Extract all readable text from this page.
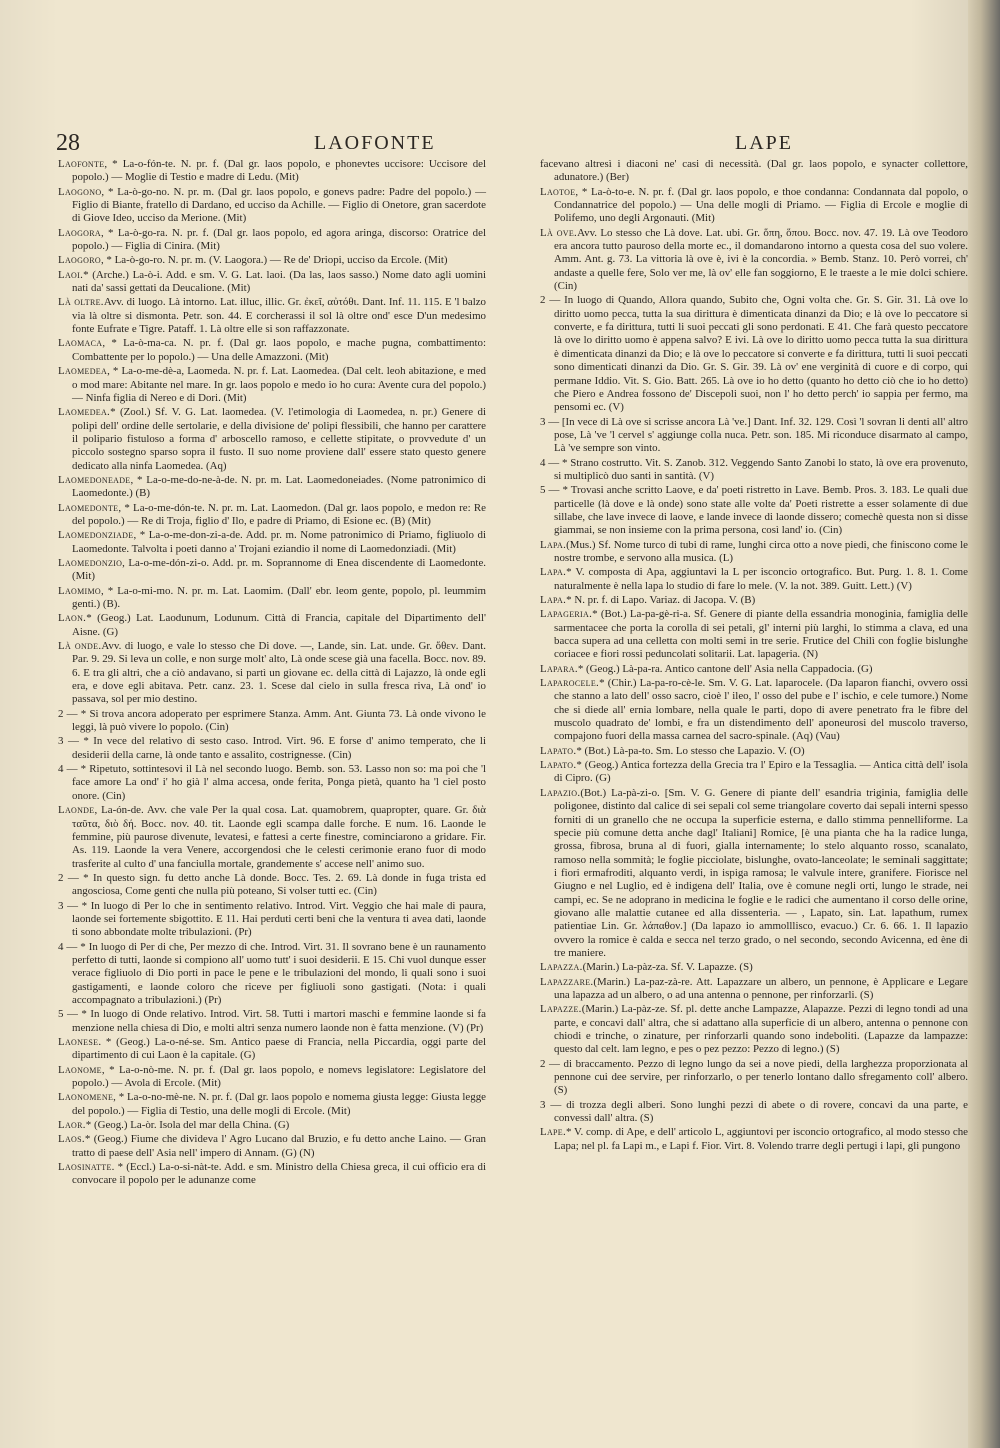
28	LAOFONTE	LAPE

Laofonte, * La-o-fón-te. N. pr. f. (Dal gr. laos popolo, e phonevtes uccisore: Uccisore del popolo.) — Moglie di Testio e madre di Ledu. (Mit)

Laogono, * La-ò-go-no. N. pr. m. (Dal gr. laos popolo, e gonevs padre: Padre del popolo.) — Figlio di Biante, fratello di Dardano, ed ucciso da Achille. — Figlio di Onetore, gran sacerdote di Giove Ideo, ucciso da Merione. (Mit)

Laogora, * La-ò-go-ra. N. pr. f. (Dal gr. laos popolo, ed agora aringa, discorso: Oratrice del popolo.) — Figlia di Cinira. (Mit)

Laogoro, * La-ò-go-ro. N. pr. m. (V. Laogora.) — Re de' Driopi, ucciso da Ercole. (Mit)

Laoi.* (Arche.) La-ò-i. Add. e sm. V. G. Lat. laoi. (Da las, laos sasso.) Nome dato agli uomini nati da' sassi gettati da Deucalione. (Mit)

Là oltre.Avv. di luogo. Là intorno. Lat. illuc, illic. Gr. ἐκεῖ, αὐτόθι. Dant. Inf. 11. 115. E 'l balzo via là oltre si dismonta. Petr. son. 44. E corcherassi il sol là oltre ond' esce D'un medesimo fonte Eufrate e Tigre. Pataff. 1. Là oltre elle si son raffazzonate.

Laomaca, * La-ò-ma-ca. N. pr. f. (Dal gr. laos popolo, e mache pugna, combattimento: Combattente per lo popolo.) — Una delle Amazzoni. (Mit)

Laomedea, * La-o-me-dè-a, Laomeda. N. pr. f. Lat. Laomedea. (Dal celt. leoh abitazione, e med o mod mare: Abitante nel mare. In gr. laos popolo e medo io ho cura: Avente cura del popolo.) — Ninfa figlia di Nereo e di Dori. (Mit)

Laomedea.* (Zool.) Sf. V. G. Lat. laomedea. (V. l'etimologia di Laomedea, n. pr.) Genere di polipi dell' ordine delle sertolarie, e della divisione de' polipi flessibili, che hanno per carattere il polipario fistuloso a forma d' arboscello ramoso, e cellette stipitate, o provvedute d' un piccolo sostegno sparso sopra il fusto. Il suo nome proviene dall' essere stato questo genere dedicato alla ninfa Laomedea. (Aq)

Laomedoneade, * La-o-me-do-ne-à-de. N. pr. m. Lat. Laomedoneiades. (Nome patronimico di Laomedonte.) (B)

Laomedonte, * La-o-me-dón-te. N. pr. m. Lat. Laomedon. (Dal gr. laos popolo, e medon re: Re del popolo.) — Re di Troja, figlio d' Ilo, e padre di Priamo, di Esione ec. (B) (Mit)

Laomedonziade, * La-o-me-don-zi-a-de. Add. pr. m. Nome patronimico di Priamo, figliuolo di Laomedonte. Talvolta i poeti danno a' Trojani eziandio il nome di Laomedonziadi. (Mit)

Laomedonzio, La-o-me-dón-zi-o. Add. pr. m. Soprannome di Enea discendente di Laomedonte. (Mit)

Laomimo, * La-o-mi-mo. N. pr. m. Lat. Laomim. (Dall' ebr. leom gente, popolo, pl. leummim genti.) (B).

Laon.* (Geog.) Lat. Laodunum, Lodunum. Città di Francia, capitale del Dipartimento dell' Aisne. (G)

Là onde.Avv. di luogo, e vale lo stesso che Di dove. —, Lande, sin. Lat. unde. Gr. ὅθεν. Dant. Par. 9. 29. Si leva un colle, e non surge molt' alto, Là onde scese già una facella. Bocc. nov. 89. 6. E tra gli altri, che a ciò andavano, si partì un giovane ec. della città di Lajazzo, là onde egli era, e dove egli abitava. Petr. canz. 23. 1. Scese dal cielo in sulla fresca riva, Là ond' io passava, sol per mio destino.

2 — * Si trova ancora adoperato per esprimere Stanza. Amm. Ant. Giunta 73. Là onde vivono le leggi, là può vivere lo popolo. (Cin)

3 — * In vece del relativo di sesto caso. Introd. Virt. 96. E forse d' animo temperato, che li desiderii della carne, là onde tanto e assalito, costrignesse. (Cin)

4 — * Ripetuto, sottintesovi il Là nel secondo luogo. Bemb. son. 53. Lasso non so: ma poi che 'l face amore La ond' i' ho già l' alma accesa, onde ferita, Ponga pietà, quanto ha 'l ciel posto onore. (Cin)

Laonde, La-ón-de. Avv. che vale Per la qual cosa. Lat. quamobrem, quapropter, quare. Gr. διὰ ταῦτα, διὸ δή. Bocc. nov. 40. tit. Laonde egli scampa dalle forche. E num. 16. Laonde le femmine, più paurose divenute, levatesi, e fattesi a certe finestre, cominciarono a gridare. Fir. As. 119. Laonde la vera Venere, accorgendosi che le celesti cerimonie erano fuor di modo trasferite al culto d' una fanciulla mortale, grandemente s' accese nell' animo suo.

2 — * In questo sign. fu detto anche Là donde. Bocc. Tes. 2. 69. Là donde in fuga trista ed angosciosa, Come genti che nulla più poteano, Si volser tutti ec. (Cin)

3 — * In luogo di Per lo che in sentimento relativo. Introd. Virt. Veggio che hai male di paura, laonde sei fortemente sbigottito. E 11. Hai perduti certi beni che la ventura ti avea dati, laonde ti sono abbondate molte tribulazioni. (Pr)

4 — * In luogo di Per di che, Per mezzo di che. Introd. Virt. 31. Il sovrano bene è un raunamento perfetto di tutti, laonde si compiono all' uomo tutt' i suoi desiderii. E 15. Chi vuol dunque esser verace figliuolo di Dio porti in pace le pene e le tribulazioni del mondo, li quali sono i suoi gastigamenti, e laonde coloro che riceve per figliuoli sono gastigati. (Nota: i quali accompagnato a tribulazioni.) (Pr)

5 — * In luogo di Onde relativo. Introd. Virt. 58. Tutti i martori maschi e femmine laonde si fa menzione nella chiesa di Dio, e molti altri senza numero laonde non è fatta menzione. (V) (Pr)

Laonese. * (Geog.) La-o-né-se. Sm. Antico paese di Francia, nella Piccardia, oggi parte del dipartimento di cui Laon è la capitale. (G)

Laonome, * La-o-nò-me. N. pr. f. (Dal gr. laos popolo, e nomevs legislatore: Legislatore del popolo.) — Avola di Ercole. (Mit)

Laonomene, * La-o-no-mè-ne. N. pr. f. (Dal gr. laos popolo e nomema giusta legge: Giusta legge del popolo.) — Figlia di Testio, una delle mogli di Ercole. (Mit)

Laor.* (Geog.) La-òr. Isola del mar della China. (G)

Laos.* (Geog.) Fiume che divideva l' Agro Lucano dal Bruzio, e fu detto anche Laino. — Gran tratto di paese dell' Asia nell' impero di Annam. (G) (N)

Laosinatte. * (Eccl.) La-o-si-nàt-te. Add. e sm. Ministro della Chiesa greca, il cui officio era di convocare il popolo per le adunanze come

facevano altresì i diaconi ne' casi di necessità. (Dal gr. laos popolo, e synacter collettore, adunatore.) (Ber)

Laotoe, * La-ò-to-e. N. pr. f. (Dal gr. laos popolo, e thoe condanna: Condannata dal popolo, o Condannatrice del popolo.) — Una delle mogli di Priamo. — Figlia di Ercole e moglie di Polifemo, uno degli Argonauti. (Mit)

Là ove.Avv. Lo stesso che Là dove. Lat. ubi. Gr. ὅπη, ὅπου. Bocc. nov. 47. 19. Là ove Teodoro era ancora tutto pauroso della morte ec., il domandarono intorno a questa cosa del suo volere. Amm. Ant. g. 73. La vittoria là ove è, ivi è la concordia. » Bemb. Stanz. 10. Però vorrei, ch' andaste a quelle fere, Solo ver me, là ov' elle fan soggiorno, E le traeste a le mie dolci schiere. (Cin)

2 — In luogo di Quando, Allora quando, Subito che, Ogni volta che. Gr. S. Gir. 31. Là ove lo diritto uomo pecca, tutta la sua dirittura è dimenticata dinanzi da Dio; e là ove lo peccatore si converte, e fa dirittura, tutti li suoi peccati gli sono perdonati. E 41. Che farà questo peccatore là ove lo diritto uomo è appena salvo? E ivi. Là ove lo diritto uomo pecca tutta la sua dirittura è dimenticata dinanzi da Dio; e là ove lo peccatore si converte e fa dirittura, tutti li suoi peccati sono dimenticati dinanzi da Dio. Gr. S. Gir. 39. Là ov' ene verginità di cuore e di corpo, qui permane Iddio. Vit. S. Gio. Batt. 265. Là ove io ho detto (quanto ho detto ciò che io ho detto) che Piero e Andrea fossono de' Discepoli suoi, non l' ho detto perch' io sappia per fermo, ma pensomi ec. (V)

3 — [In vece di Là ove si scrisse ancora Là 've.] Dant. Inf. 32. 129. Così 'l sovran li denti all' altro pose, Là 've 'l cervel s' aggiunge colla nuca. Petr. son. 185. Mi riconduce disarmato al campo, Là 've sempre son vinto.

4 — * Strano costrutto. Vit. S. Zanob. 312. Veggendo Santo Zanobi lo stato, là ove era provenuto, si multiplicò duo santi in santità. (V)

5 — * Trovasi anche scritto Laove, e da' poeti ristretto in Lave. Bemb. Pros. 3. 183. Le quali due particelle (là dove e là onde) sono state alle volte da' Poeti ristrette a esser solamente di due sillabe, che lave invece di laove, e lande invece di laonde dissero; comechè questa non si disse giammai, se non insieme con la prima persona, così land' io. (Cin)

Lapa.(Mus.) Sf. Nome turco di tubi di rame, lunghi circa otto a nove piedi, che finiscono come le nostre trombe, e servono alla musica. (L)

Lapa.* V. composta di Apa, aggiuntavi la L per isconcio ortografico. But. Purg. 1. 8. 1. Come naturalmente è nella lapa lo studio di fare lo mele. (V. la not. 389. Guitt. Lett.) (V)

Lapa.* N. pr. f. di Lapo. Variaz. di Jacopa. V. (B)

Lapageria.* (Bot.) La-pa-gè-ri-a. Sf. Genere di piante della essandria monoginia, famiglia delle sarmentacee che porta la corolla di sei petali, gl' interni più larghi, lo stimma a clava, ed una bacca supera ad una celletta con molti semi in tre serie. Frutice del Chilì con foglie bislunghe coriacee e fiori rossi peduncolati solitarii. Lat. lapageria. (N)

Lapara.* (Geog.) Là-pa-ra. Antico cantone dell' Asia nella Cappadocia. (G)

Laparocele.* (Chir.) La-pa-ro-cè-le. Sm. V. G. Lat. laparocele. (Da laparon fianchi, ovvero ossi che stanno a lato dell' osso sacro, cioè l' ileo, l' osso del pube e l' ischio, e cele tumore.) Nome che si diede all' ernia lombare, nella quale le parti, dopo di avere penetrato fra le fibre del muscolo quadrato de' lombi, e fra un distendimento dell' aponeurosi del muscolo traverso, compajono fuori della massa carnea del sacro-spinale. (Aq) (Vau)

Lapato.* (Bot.) Là-pa-to. Sm. Lo stesso che Lapazio. V. (O)

Lapato.* (Geog.) Antica fortezza della Grecia tra l' Epiro e la Tessaglia. — Antica città dell' isola di Cipro. (G)

Lapazio.(Bot.) La-pà-zi-o. [Sm. V. G. Genere di piante dell' esandria triginia, famiglia delle poligonee, distinto dal calice di sei sepali col seme triangolare coverto dai sepali interni spesso forniti di un granello che ne occupa la superficie esterna, e dallo stimma pennelliforme. La specie più comune detta anche dagl' Italiani] Romice, [è una pianta che ha la radice lunga, grossa, fibrosa, bruna al di fuori, gialla internamente; lo stelo alquanto rosso, scanalato, ramoso nella sommità; le foglie picciolate, bislunghe, ovato-lanceolate; le seminali saggittate; i fiori ermafroditi, alquanto verdi, in ispiga ramosa; le valvule intere, granifere. Fiorisce nel Giugno e nel Luglio, ed è indigena dell' Italia, ove è comune negli orti, lungo le strade, nei campi, ec. Se ne adoprano in medicina le foglie e le radici che aumentano il corso delle orine, giovano alle malattie cutanee ed alla dissenteria. — , Lapato, sin. Lat. lapathum, rumex patientiae Lin. Gr. λάπαθον.] (Da lapazo io ammolllisco, evacuo.) Cr. 6. 66. 1. Il lapazio ovvero la romice è calda e secca nel terzo grado, o nel secondo, secondo Avicenna, ed ène di tre maniere.

Lapazza.(Marin.) La-pàz-za. Sf. V. Lapazze. (S)

Lapazzare.(Marin.) La-paz-zà-re. Att. Lapazzare un albero, un pennone, è Applicare e Legare una lapazza ad un albero, o ad una antenna o pennone, per rinforzarli. (S)

Lapazze.(Marin.) La-pàz-ze. Sf. pl. dette anche Lampazze, Alapazze. Pezzi di legno tondi ad una parte, e concavi dall' altra, che si adattano alla superficie di un albero, antenna o pennone con chiodi e trinche, o zinature, per rinforzarli quando sono indeboliti. (Lapazze da lampazze: questo dal celt. lam legno, e pes o pez pezzo: Pezzo di legno.) (S)

2 — di braccamento. Pezzo di legno lungo da sei a nove piedi, della larghezza proporzionata al pennone cui dee servire, per rinforzarlo, o per tenerlo lontano dallo sfregamento coll' albero. (S)

3 — di trozza degli alberi. Sono lunghi pezzi di abete o di rovere, concavi da una parte, e convessi dall' altra. (S)

Lape.* V. comp. di Ape, e dell' articolo L, aggiuntovi per isconcio ortografico, al modo stesso che Lapa; nel pl. fa Lapi m., e Lapi f. Fior. Virt. 8. Volendo trarre degli pertugi i lapi, gli pungono
